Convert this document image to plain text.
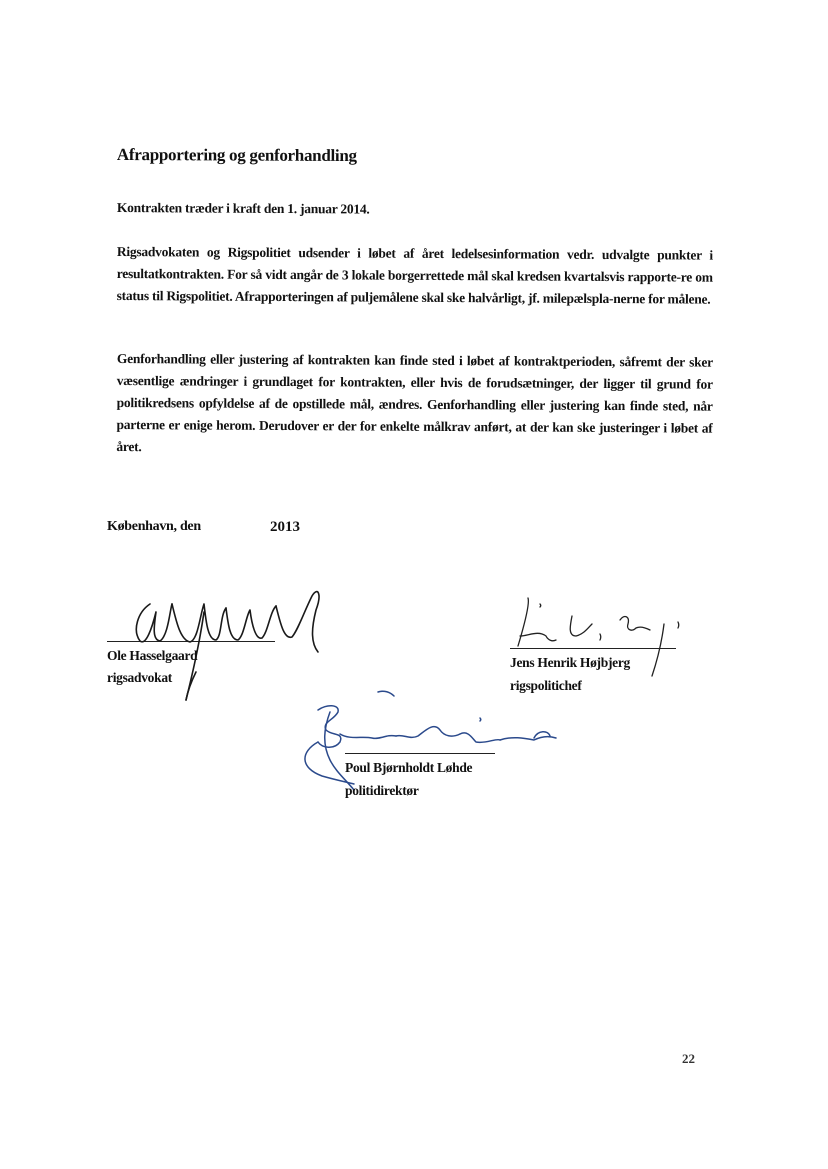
Afrapportering og genforhandling
Kontrakten træder i kraft den 1. januar 2014.
Rigsadvokaten og Rigspolitiet udsender i løbet af året ledelsesinformation vedr. udvalgte punkter i resultatkontrakten. For så vidt angår de 3 lokale borgerrettede mål skal kredsen kvartalsvis rapporte-re om status til Rigspolitiet. Afrapporteringen af puljemålene skal ske halvårligt, jf. milepælspla-nerne for målene.
Genforhandling eller justering af kontrakten kan finde sted i løbet af kontraktperioden, såfremt der sker væsentlige ændringer i grundlaget for kontrakten, eller hvis de forudsætninger, der ligger til grund for politikredsens opfyldelse af de opstillede mål, ændres. Genforhandling eller justering kan finde sted, når parterne er enige herom. Derudover er der for enkelte målkrav anført, at der kan ske justeringer i løbet af året.
København, den	2013
Ole Hasselgaard
rigsadvokat
Jens Henrik Højbjerg
rigspolitichef
Poul Bjørnholdt Løhde
politidirektør
22
